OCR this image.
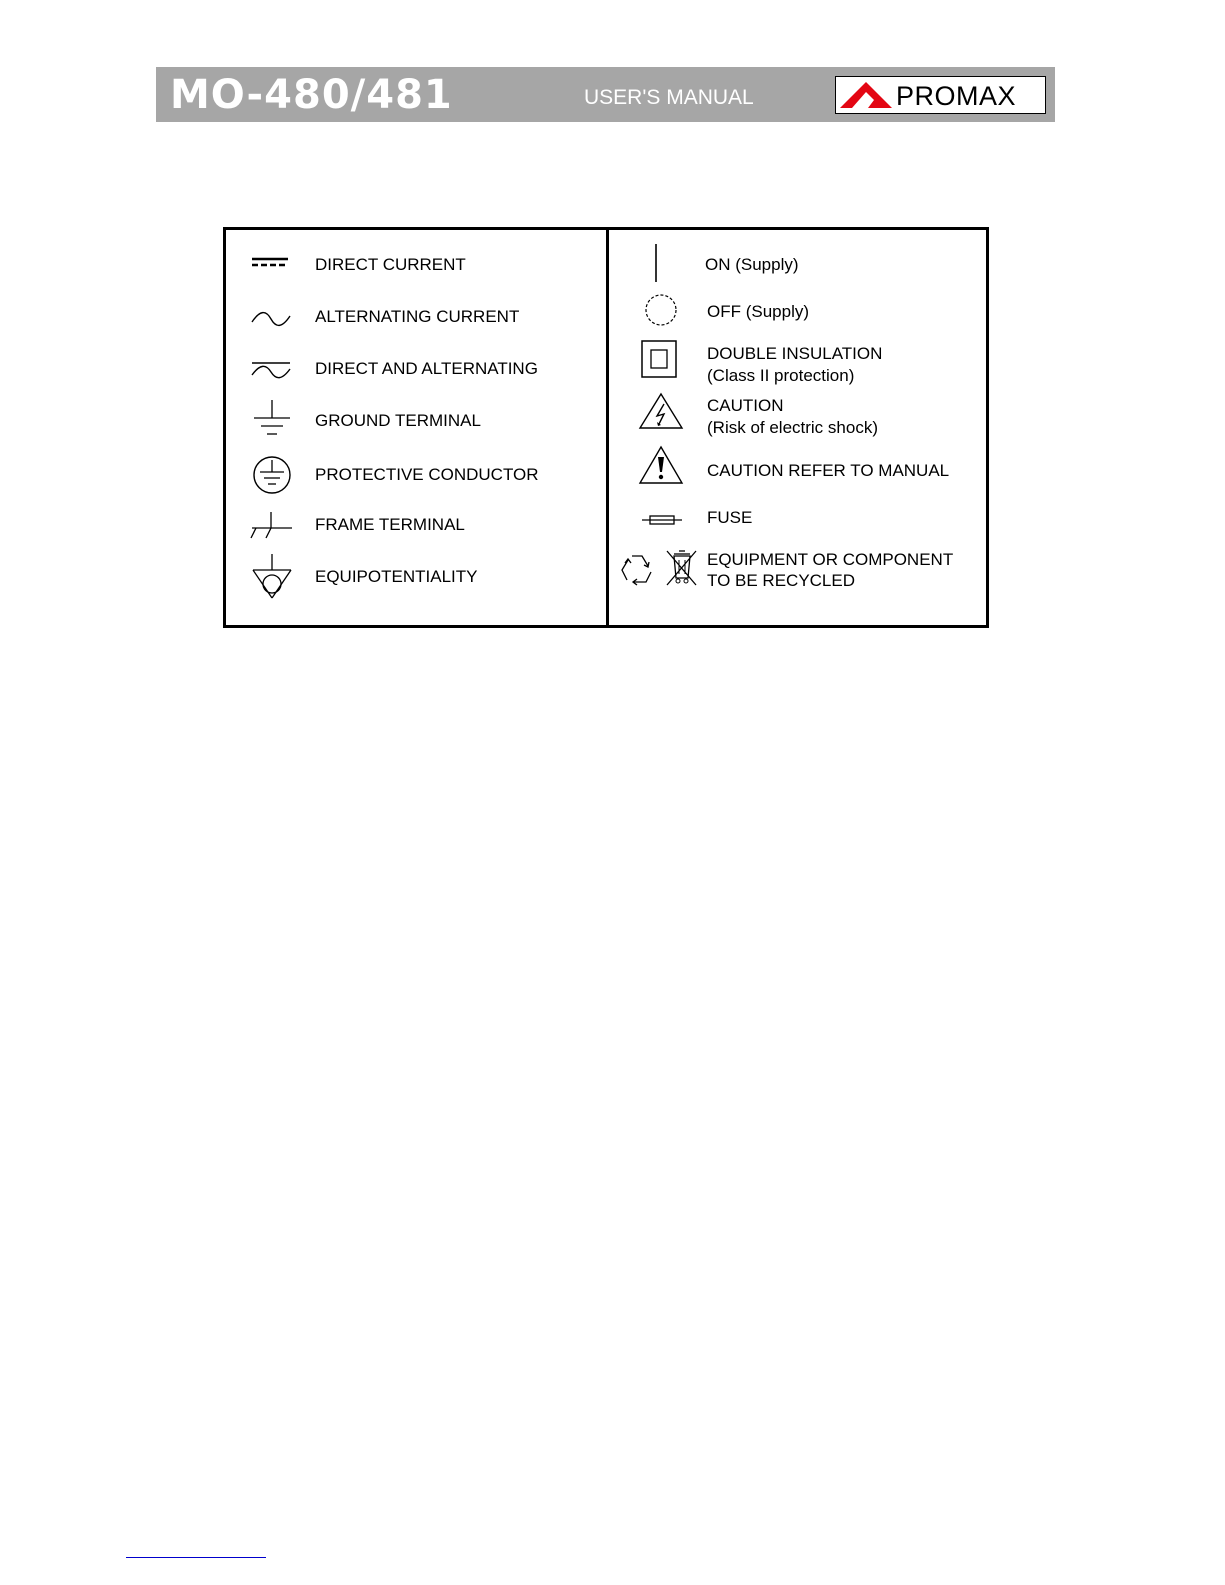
MO-480/481	USER'S MANUAL	PROMAX
DIRECT CURRENT
ALTERNATING CURRENT
DIRECT AND ALTERNATING
GROUND TERMINAL
PROTECTIVE CONDUCTOR
FRAME TERMINAL
EQUIPOTENTIALITY
ON (Supply)
OFF (Supply)
DOUBLE INSULATION
(Class II protection)
CAUTION
(Risk of electric shock)
CAUTION REFER TO MANUAL
FUSE
EQUIPMENT OR COMPONENT
TO BE RECYCLED
